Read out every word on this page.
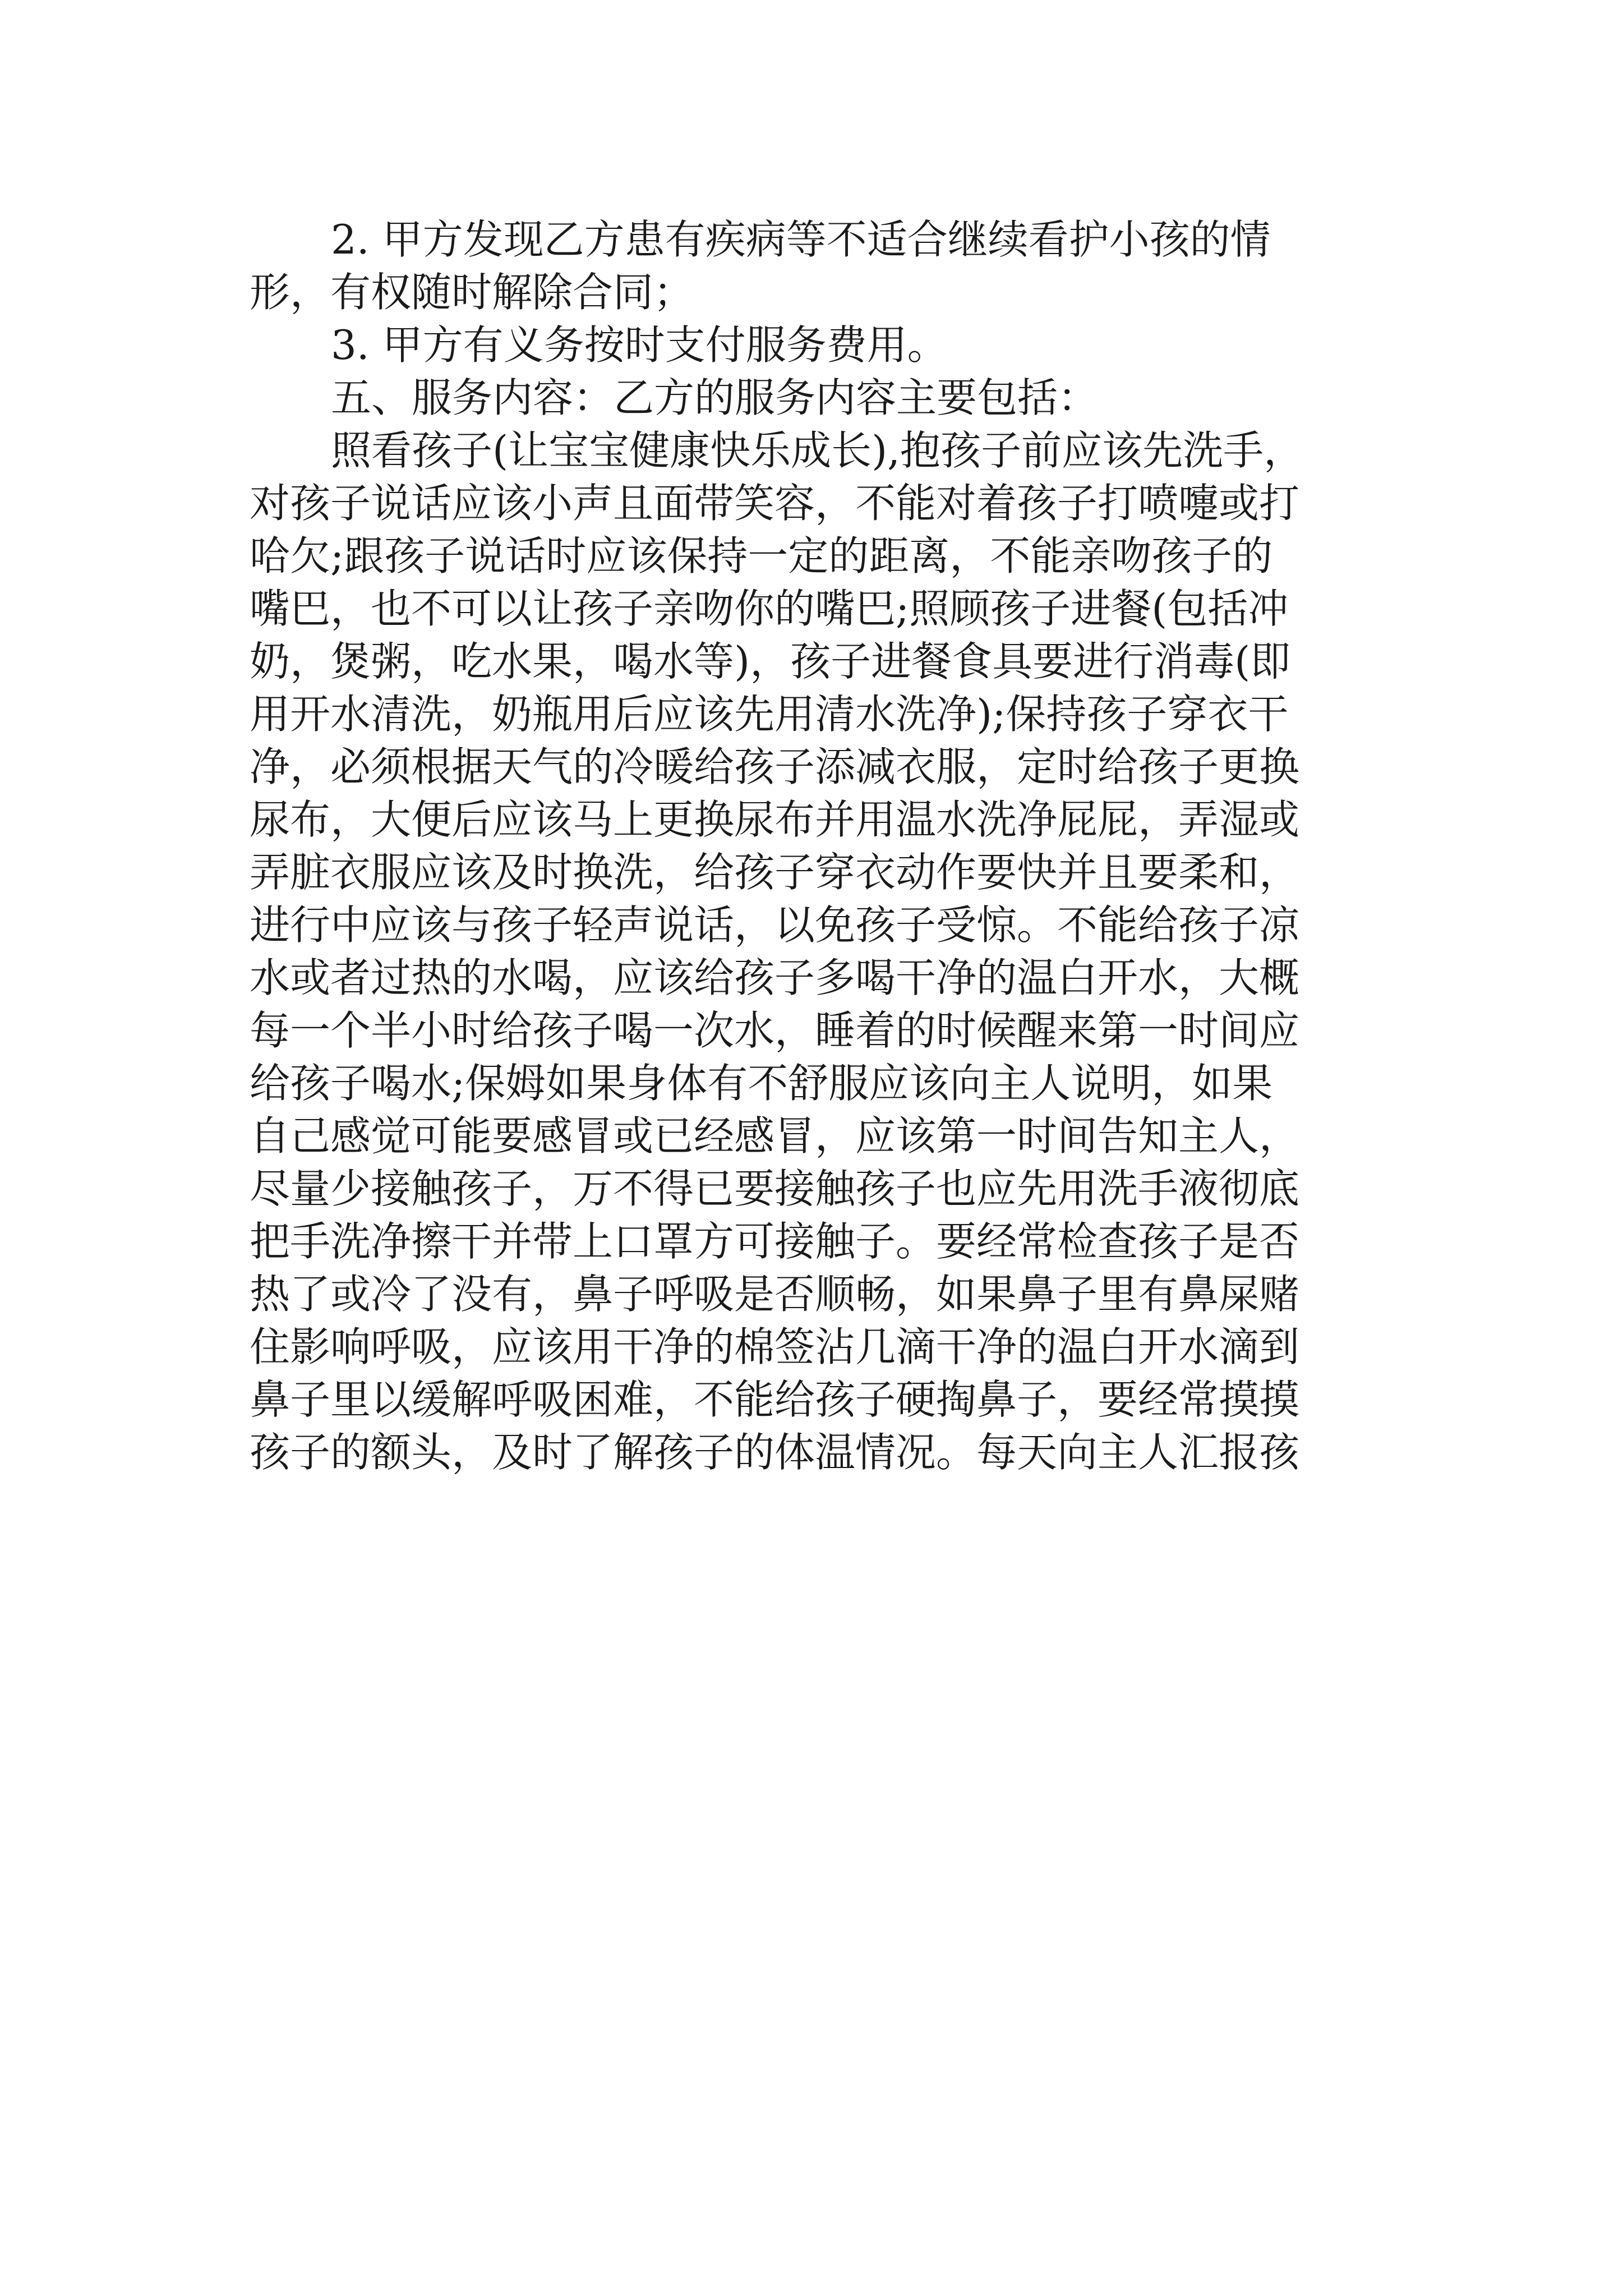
2. 甲方发现乙方患有疾病等不适合继续看护小孩的情
形，有权随时解除合同；
3. 甲方有义务按时支付服务费用。
五、服务内容：乙方的服务内容主要包括：
照看孩子(让宝宝健康快乐成长),抱孩子前应该先洗手，
对孩子说话应该小声且面带笑容，不能对着孩子打喷嚏或打
哈欠;跟孩子说话时应该保持一定的距离，不能亲吻孩子的
嘴巴，也不可以让孩子亲吻你的嘴巴;照顾孩子进餐(包括冲
奶，煲粥，吃水果，喝水等)，孩子进餐食具要进行消毒(即
用开水清洗，奶瓶用后应该先用清水洗净);保持孩子穿衣干
净，必须根据天气的冷暖给孩子添减衣服，定时给孩子更换
尿布，大便后应该马上更换尿布并用温水洗净屁屁，弄湿或
弄脏衣服应该及时换洗，给孩子穿衣动作要快并且要柔和，
进行中应该与孩子轻声说话，以免孩子受惊。不能给孩子凉
水或者过热的水喝，应该给孩子多喝干净的温白开水，大概
每一个半小时给孩子喝一次水，睡着的时候醒来第一时间应
给孩子喝水;保姆如果身体有不舒服应该向主人说明，如果
自己感觉可能要感冒或已经感冒，应该第一时间告知主人，
尽量少接触孩子，万不得已要接触孩子也应先用洗手液彻底
把手洗净擦干并带上口罩方可接触子。要经常检查孩子是否
热了或冷了没有，鼻子呼吸是否顺畅，如果鼻子里有鼻屎赌
住影响呼吸，应该用干净的棉签沾几滴干净的温白开水滴到
鼻子里以缓解呼吸困难，不能给孩子硬掏鼻子，要经常摸摸
孩子的额头，及时了解孩子的体温情况。每天向主人汇报孩
